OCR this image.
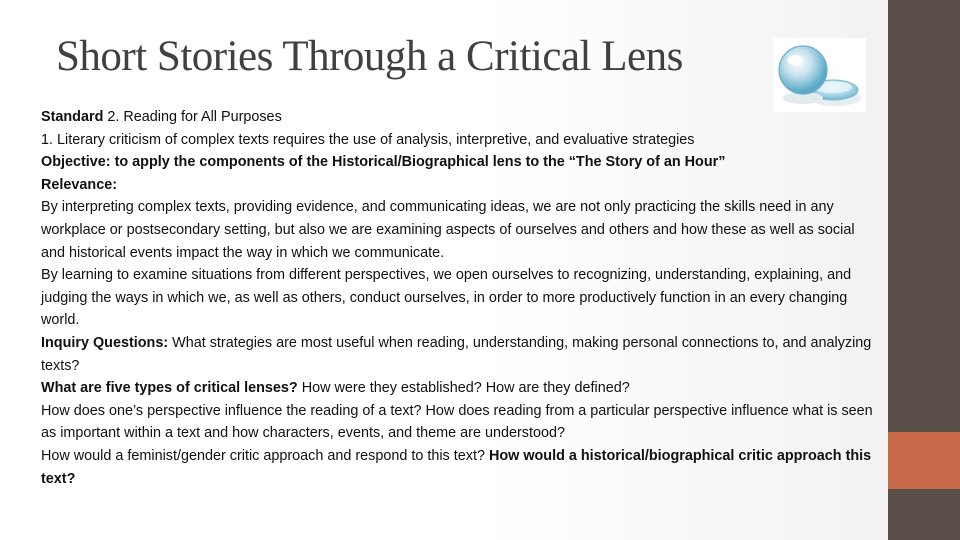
Short Stories Through a Critical Lens

Standard 2. Reading for All Purposes

1. Literary criticism of complex texts requires the use of analysis, interpretive, and evaluative strategies

Objective: to apply the components of the Historical/Biographical lens to the “The Story of an Hour”

Relevance:

By interpreting complex texts, providing evidence, and communicating ideas, we are not only practicing the skills need in any workplace or postsecondary setting, but also we are examining aspects of ourselves and others and how these as well as social and historical events impact the way in which we communicate.

By learning to examine situations from different perspectives, we open ourselves to recognizing, understanding, explaining, and judging the ways in which we, as well as others, conduct ourselves, in order to more productively function in an every changing world.

Inquiry Questions: What strategies are most useful when reading, understanding, making personal connections to, and analyzing texts?

What are five types of critical lenses? How were they established? How are they defined?

How does one’s perspective influence the reading of a text? How does reading from a particular perspective influence what is seen as important within a text and how characters, events, and theme are understood?

How would a feminist/gender critic approach and respond to this text? How would a historical/biographical critic approach this text?
